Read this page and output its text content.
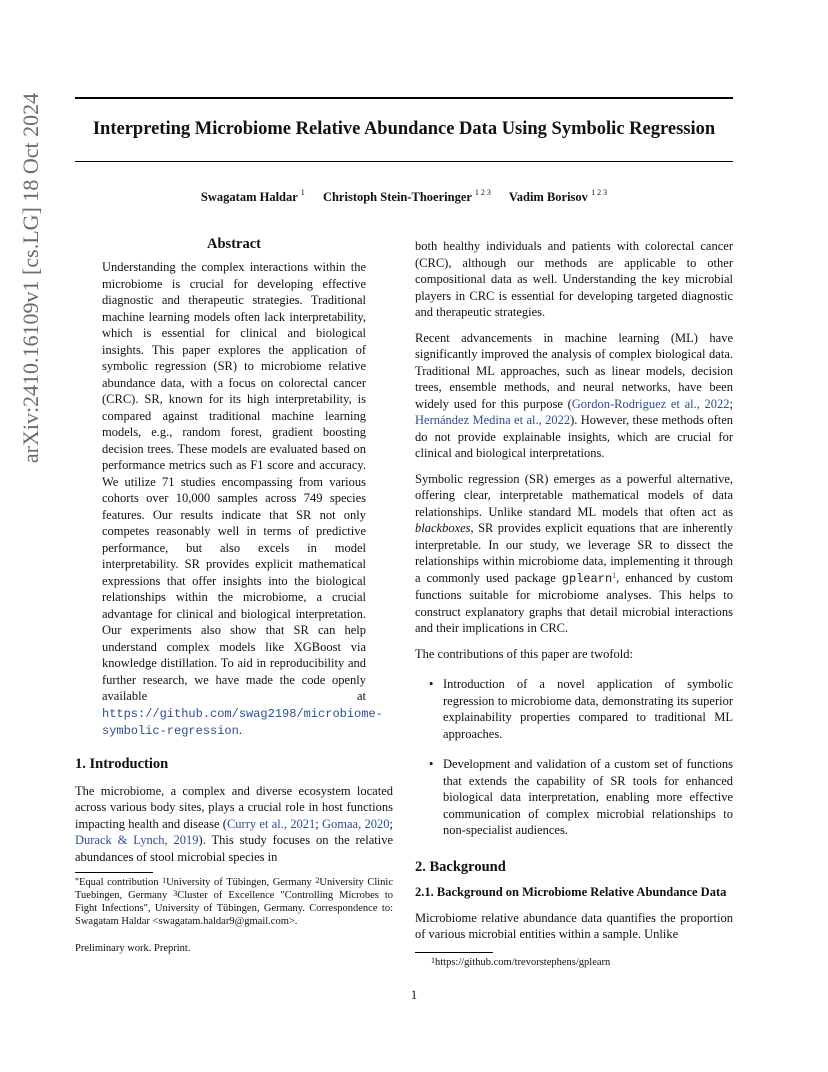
Interpreting Microbiome Relative Abundance Data Using Symbolic Regression
Swagatam Haldar $^1$ Christoph Stein-Thoeringer $^{1 2 3}$ Vadim Borisov $^{1 2 3}$
arXiv:2410.16109v1 [cs.LG] 18 Oct 2024	Abstract
Understanding the complex interactions within the microbiome is crucial for developing effective diagnostic and therapeutic strategies. Traditional machine learning models often lack interpretability, which is essential for clinical and biological insights. This paper explores the application of symbolic regression (SR) to microbiome relative abundance data, with a focus on colorectal cancer (CRC). SR, known for its high interpretability, is compared against traditional machine learning models, e.g., random forest, gradient boosting decision trees. These models are evaluated based on performance metrics such as F1 score and accuracy. We utilize 71 studies encompassing from various cohorts over 10,000 samples across 749 species features. Our results indicate that SR not only competes reasonably well in terms of predictive performance, but also excels in model interpretability. SR provides explicit mathematical expressions that offer insights into the biological relationships within the microbiome, a crucial advantage for clinical and biological interpretation. Our experiments also show that SR can help understand complex models like XGBoost via knowledge distillation. To aid in reproducibility and further research, we have made the code openly available at https://github.com/swag2198/microbiome-symbolic-regression.
1. Introduction

The microbiome, a complex and diverse ecosystem located across various body sites, plays a crucial role in host functions impacting health and disease (Curry et al., 2021; Gomaa, 2020; Durack & Lynch, 2019). This study focuses on the relative abundances of stool microbial species in

*Equal contribution $^1$University of Tübingen, Germany $^2$University Clinic Tuebingen, Germany $^3$Cluster of Excellence "Controlling Microbes to Fight Infections", University of Tübingen, Germany. Correspondence to: Swagatam Haldar <swagatam.haldar9@gmail.com>.

Preliminary work. Preprint.

both healthy individuals and patients with colorectal cancer (CRC), although our methods are applicable to other compositional data as well. Understanding the key microbial players in CRC is essential for developing targeted diagnostic and therapeutic strategies.

Recent advancements in machine learning (ML) have significantly improved the analysis of complex biological data. Traditional ML approaches, such as linear models, decision trees, ensemble methods, and neural networks, have been widely used for this purpose (Gordon-Rodriguez et al., 2022; Hernández Medina et al., 2022). However, these methods often do not provide explainable insights, which are crucial for clinical and biological interpretations.

Symbolic regression (SR) emerges as a powerful alternative, offering clear, interpretable mathematical models of data relationships. Unlike standard ML models that often act as blackboxes, SR provides explicit equations that are inherently interpretable. In our study, we leverage SR to dissect the relationships within microbiome data, implementing it through a commonly used package gplearn$^1$, enhanced by custom functions suitable for microbiome analyses. This helps to construct explanatory graphs that detail microbial interactions and their implications in CRC.

The contributions of this paper are twofold:

• Introduction of a novel application of symbolic regression to microbiome data, demonstrating its superior explainability properties compared to traditional ML approaches.
• Development and validation of a custom set of functions that extends the capability of SR tools for enhanced biological data interpretation, enabling more effective communication of complex microbial relationships to non-specialist audiences.
2. Background
2.1. Background on Microbiome Relative Abundance Data

Microbiome relative abundance data quantifies the proportion of various microbial entities within a sample. Unlike

$^1$https://github.com/trevorstephens/gplearn

1
